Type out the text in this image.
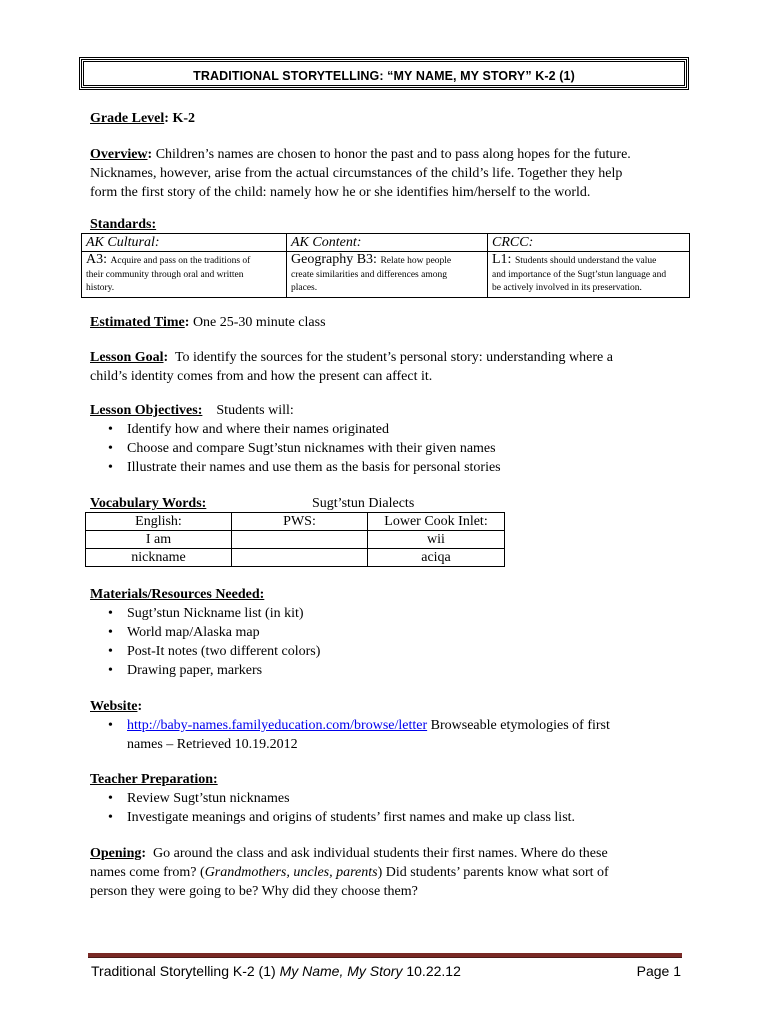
TRADITIONAL STORYTELLING: “MY NAME, MY STORY” K-2 (1)
Grade Level: K-2
Overview: Children’s names are chosen to honor the past and to pass along hopes for the future.
Nicknames, however, arise from the actual circumstances of the child’s life. Together they help
form the first story of the child: namely how he or she identifies him/herself to the world.
Standards:
AK Cultural:	AK Content:	CRCC:
A3: Acquire and pass on the traditions of
their community through oral and written
history.	Geography B3: Relate how people
create similarities and differences among
places.	L1: Students should understand the value
and importance of the Sugt’stun language and
be actively involved in its preservation.
Estimated Time: One 25-30 minute class
Lesson Goal: To identify the sources for the student’s personal story: understanding where a
child’s identity comes from and how the present can affect it.
Lesson Objectives: Students will:
• Identify how and where their names originated
• Choose and compare Sugt’stun nicknames with their given names
• Illustrate their names and use them as the basis for personal stories
Vocabulary Words:	Sugt’stun Dialects
English:	PWS:	Lower Cook Inlet:
I am		wii
nickname		aciqa
Materials/Resources Needed:
• Sugt’stun Nickname list (in kit)
• World map/Alaska map
• Post-It notes (two different colors)
• Drawing paper, markers
Website:
• http://baby-names.familyeducation.com/browse/letter Browseable etymologies of first
names – Retrieved 10.19.2012
Teacher Preparation:
• Review Sugt’stun nicknames
• Investigate meanings and origins of students’ first names and make up class list.
Opening: Go around the class and ask individual students their first names. Where do these
names come from? (Grandmothers, uncles, parents) Did students’ parents know what sort of
person they were going to be? Why did they choose them?
Traditional Storytelling K-2 (1) My Name, My Story 10.22.12	Page 1
